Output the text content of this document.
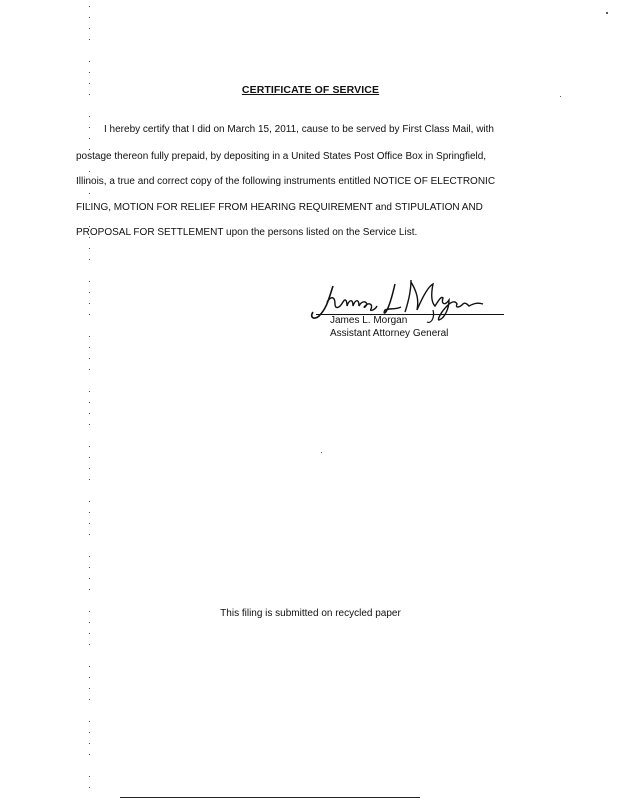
CERTIFICATE OF SERVICE
I hereby certify that I did on March 15, 2011, cause to be served by First Class Mail, with
postage thereon fully prepaid, by depositing in a United States Post Office Box in Springfield,
Illinois, a true and correct copy of the following instruments entitled NOTICE OF ELECTRONIC
FILING, MOTION FOR RELIEF FROM HEARING REQUIREMENT and STIPULATION AND
PROPOSAL FOR SETTLEMENT upon the persons listed on the Service List.
James L. Morgan
Assistant Attorney General
This filing is submitted on recycled paper
